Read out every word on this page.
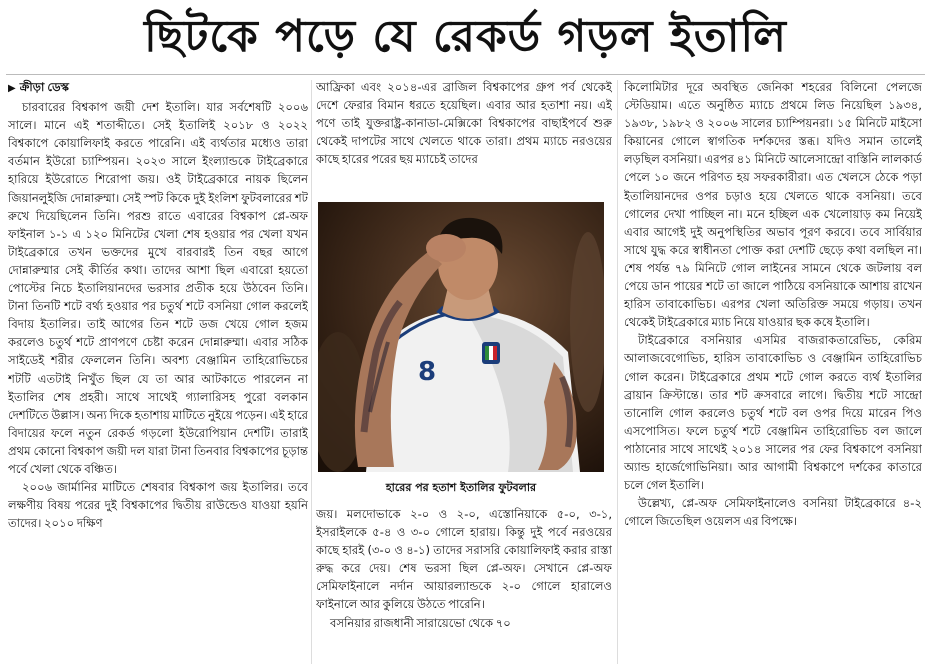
ছিটকে পড়ে যে রেকর্ড গড়ল ইতালি

▶ ক্রীড়া ডেস্ক

চারবারের বিশ্বকাপ জয়ী দেশ ইতালি। যার সর্বশেষটি ২০০৬ সালে। মানে এই শতাব্দীতে। সেই ইতালিই ২০১৮ ও ২০২২ বিশ্বকাপে কোয়ালিফাই করতে পারেনি। এই ব্যর্থতার মধ্যেও তারা বর্তমান ইউরো চ্যাম্পিয়ন। ২০২৩ সালে ইংল্যান্ডকে টাইব্রেকারে হারিয়ে ইউরোতে শিরোপা জয়। ওই টাইব্রেকারে নায়ক ছিলেন জিয়ানলুইজি দোন্নারুম্মা। সেই স্পট কিকে দুই ইংলিশ ফুটবলারের শট রুখে দিয়েছিলেন তিনি। পরশু রাতে এবারের বিশ্বকাপ প্লে-অফ ফাইনাল ১-১ এ ১২০ মিনিটের খেলা শেষ হওয়ার পর খেলা যখন টাইব্রেকারে তখন ভক্তদের মুখে বারবারই তিন বছর আগে দোন্নারুম্মার সেই কীর্তির কথা। তাদের আশা ছিল এবারো হয়তো পোস্টের নিচে ইতালিয়ানদের ভরসার প্রতীক হয়ে উঠবেন তিনি। টানা তিনটি শটে বর্থ্য হওয়ার পর চতুর্থ শটে বসনিয়া গোল করলেই বিদায় ইতালির। তাই আগের তিন শটে ডজ খেয়ে গোল হজম করলেও চতুর্থ শটে প্রাণপণে চেষ্টা করেন দোন্নারুম্মা। এবার সঠিক সাইডেই শরীর ফেললেন তিনি। অবশ্য বেঞ্জামিন তাহিরোভিচের শটটি এতটাই নিখুঁত ছিল যে তা আর আটকাতে পারলেন না ইতালির শেষ প্রহরী। সাথে সাথেই গ্যালারিসহ পুরো বলকান দেশটিতে উল্লাস। অন্য দিকে হতাশায় মাটিতে নুইয়ে পড়েন। এই হারে বিদায়ের ফলে নতুন রেকর্ড গড়লো ইউরোপিয়ান দেশটি। তারাই প্রথম কোনো বিশ্বকাপ জয়ী দল যারা টানা তিনবার বিশ্বকাপের চূড়ান্ত পর্বে খেলা থেকে বঞ্চিত।

২০০৬ জার্মানির মাটিতে শেষবার বিশ্বকাপ জয় ইতালির। তবে লক্ষণীয় বিষয় পরের দুই বিশ্বকাপের দ্বিতীয় রাউন্ডেও যাওয়া হয়নি তাদের। ২০১০ দক্ষিণ

আফ্রিকা এবং ২০১৪-এর ব্রাজিল বিশ্বকাপের গ্রুপ পর্ব থেকেই দেশে ফেরার বিমান ধরতে হয়েছিল। এবার আর হতাশা নয়। এই পণে তাই যুক্তরাষ্ট্র-কানাডা-মেক্সিকো বিশ্বকাপের বাছাইপর্বে শুরু থেকেই দাপটের সাথে খেলতে থাকে তারা। প্রথম ম্যাচে নরওয়ের কাছে হারের পরের ছয় ম্যাচেই তাদের

8
হারের পর হতাশ ইতালির ফুটবলার

জয়। মলদোভাকে ২-০ ও ২-০, এস্তোনিয়াকে ৫-০, ৩-১, ইসরাইলকে ৫-৪ ও ৩-০ গোলে হারায়। কিন্তু দুই পর্বে নরওয়ের কাছে হারই (৩-০ ও ৪-১) তাদের সরাসরি কোয়ালিফাই করার রাস্তা রুদ্ধ করে দেয়। শেষ ভরসা ছিল প্লে-অফ। সেখানে প্লে-অফ সেমিফাইনালে নর্দান আয়ারল্যান্ডকে ২-০ গোলে হারালেও ফাইনালে আর কুলিয়ে উঠতে পারেনি।

বসনিয়ার রাজধানী সারায়েভো থেকে ৭০

কিলোমিটার দূরে অবস্থিত জেনিকা শহরের বিলিনো পেলজে স্টেডিয়াম। এতে অনুষ্ঠিত ম্যাচে প্রথমে লিড নিয়েছিল ১৯৩৪, ১৯৩৮, ১৯৮২ ও ২০০৬ সালের চ্যাম্পিয়নরা। ১৫ মিনিটে মাইসো কিয়ানের গোলে স্বাগতিক দর্শকদের স্তব্ধ। যদিও সমান তালেই লড়ছিল বসনিয়া। এরপর ৪১ মিনিটে আলেসান্দ্রো বাস্তিনি লালকার্ড পেলে ১০ জনে পরিণত হয় সফরকারীরা। এত খেলসে ঠেকে পড়া ইতালিয়ানদের ওপর চড়াও হয়ে খেলতে থাকে বসনিয়া। তবে গোলের দেখা পাচ্ছিল না। মনে হচ্ছিল এক খেলোয়াড় কম নিয়েই এবার আগেই দুই অনুপস্থিতির অভাব পূরণ করবে। তবে সার্বিয়ার সাথে যুদ্ধ করে স্বাধীনতা পোক্ত করা দেশটি ছেড়ে কথা বলছিল না। শেষ পর্যন্ত ৭৯ মিনিটে গোল লাইনের সামনে থেকে জটলায় বল পেয়ে ডান পায়ের শটে তা জালে পাঠিয়ে বসনিয়াকে আশায় রাখেন হারিস তাবাকোভিচ। এরপর খেলা অতিরিক্ত সময়ে গড়ায়। তখন থেকেই টাইব্রেকারে ম্যাচ নিয়ে যাওয়ার ছক কষে ইতালি।

টাইব্রেকারে বসনিয়ার এসমির বাজরাকতারেভিচ, কেরিম আলাজবেগোভিচ, হারিস তাবাকোভিচ ও বেঞ্জামিন তাহিরোভিচ গোল করেন। টাইব্রেকারে প্রথম শটে গোল করতে ব্যর্থ ইতালির ব্রায়ান ক্রিস্টান্তে। তার শট ক্রসবারে লাগে। দ্বিতীয় শটে সান্দ্রো তানোলি গোল করলেও চতুর্থ শটে বল ওপর দিয়ে মারেন পিও এসপোসিত। ফলে চতুর্থ শটে বেঞ্জামিন তাহিরোভিচ বল জালে পাঠানোর সাথে সাথেই ২০১৪ সালের পর ফের বিশ্বকাপে বসনিয়া অ্যান্ড হার্জেগোভিনিয়া। আর আগামী বিশ্বকাপে দর্শকের কাতারে চলে গেল ইতালি।

উল্লেখ্য, প্লে-অফ সেমিফাইনালেও বসনিয়া টাইব্রেকারে ৪-২ গোলে জিতেছিল ওয়েলস এর বিপক্ষে।
